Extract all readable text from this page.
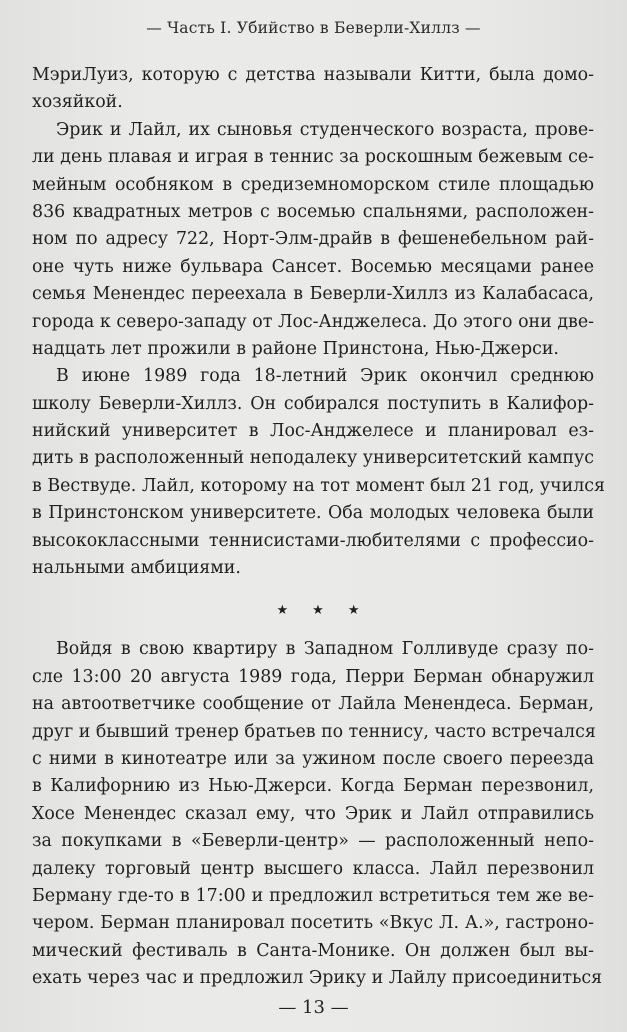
— Часть I. Убийство в Беверли-Хиллз —
МэриЛуиз, которую с детства называли Китти, была домо-
хозяйкой.
Эрик и Лайл, их сыновья студенческого возраста, прове-
ли день плавая и играя в теннис за роскошным бежевым се-
мейным особняком в средиземноморском стиле площадью
836 квадратных метров с восемью спальнями, расположен-
ном по адресу 722, Норт-Элм-драйв в фешенебельном рай-
оне чуть ниже бульвара Сансет. Восемью месяцами ранее
семья Менендес переехала в Беверли-Хиллз из Калабасаса,
города к северо-западу от Лос-Анджелеса. До этого они две-
надцать лет прожили в районе Принстона, Нью-Джерси.
В июне 1989 года 18-летний Эрик окончил среднюю
школу Беверли-Хиллз. Он собирался поступить в Калифор-
нийский университет в Лос-Анджелесе и планировал ез-
дить в расположенный неподалеку университетский кампус
в Вествуде. Лайл, которому на тот момент был 21 год, учился
в Принстонском университете. Оба молодых человека были
высококлассными теннисистами-любителями с профессио-
нальными амбициями.
★ ★ ★
Войдя в свою квартиру в Западном Голливуде сразу по-
сле 13:00 20 августа 1989 года, Перри Берман обнаружил
на автоответчике сообщение от Лайла Менендеса. Берман,
друг и бывший тренер братьев по теннису, часто встречался
с ними в кинотеатре или за ужином после своего переезда
в Калифорнию из Нью-Джерси. Когда Берман перезвонил,
Хосе Менендес сказал ему, что Эрик и Лайл отправились
за покупками в «Беверли-центр» — расположенный непо-
далеку торговый центр высшего класса. Лайл перезвонил
Берману где-то в 17:00 и предложил встретиться тем же ве-
чером. Берман планировал посетить «Вкус Л. А.», гастроно-
мический фестиваль в Санта-Монике. Он должен был вы-
ехать через час и предложил Эрику и Лайлу присоединиться
— 13 —
